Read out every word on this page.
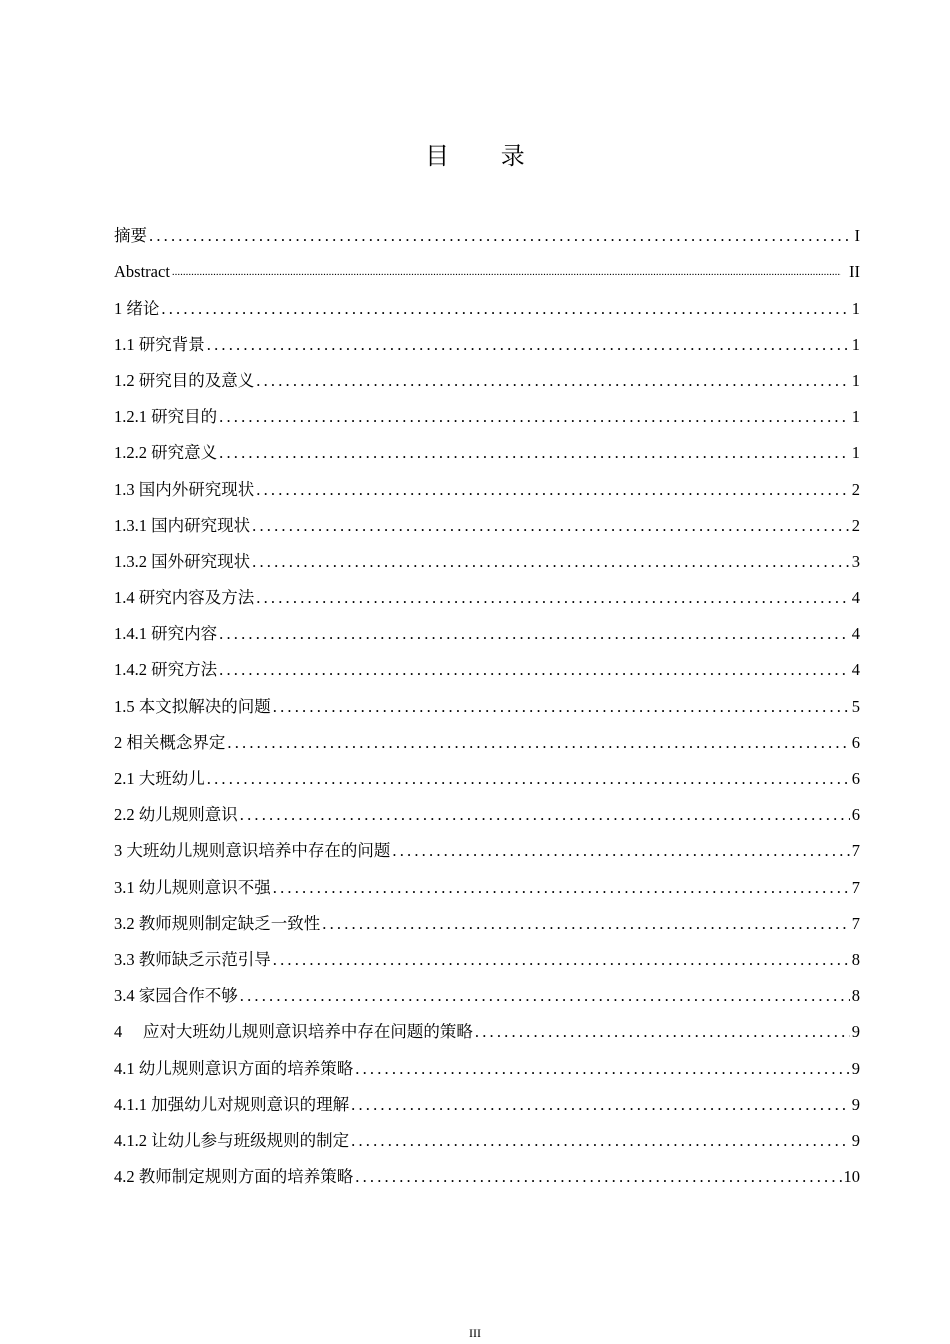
目 录
摘要 .....	I
Abstract .....	II
1 绪论 .....	1
1.1 研究背景 .....	1
1.2 研究目的及意义 .....	1
1.2.1 研究目的 .....	1
1.2.2 研究意义 .....	1
1.3 国内外研究现状 .....	2
1.3.1 国内研究现状 .....	2
1.3.2 国外研究现状 .....	3
1.4 研究内容及方法 .....	4
1.4.1 研究内容 .....	4
1.4.2 研究方法 .....	4
1.5 本文拟解决的问题 .....	5
2 相关概念界定 .....	6
2.1 大班幼儿 .....	6
2.2 幼儿规则意识 .....	6
3 大班幼儿规则意识培养中存在的问题 .....	7
3.1 幼儿规则意识不强 .....	7
3.2 教师规则制定缺乏一致性 .....	7
3.3 教师缺乏示范引导 .....	8
3.4 家园合作不够 .....	8
4     应对大班幼儿规则意识培养中存在问题的策略 .....	9
4.1 幼儿规则意识方面的培养策略 .....	9
4.1.1 加强幼儿对规则意识的理解 .....	9
4.1.2 让幼儿参与班级规则的制定 .....	9
4.2 教师制定规则方面的培养策略 .....	10
III
